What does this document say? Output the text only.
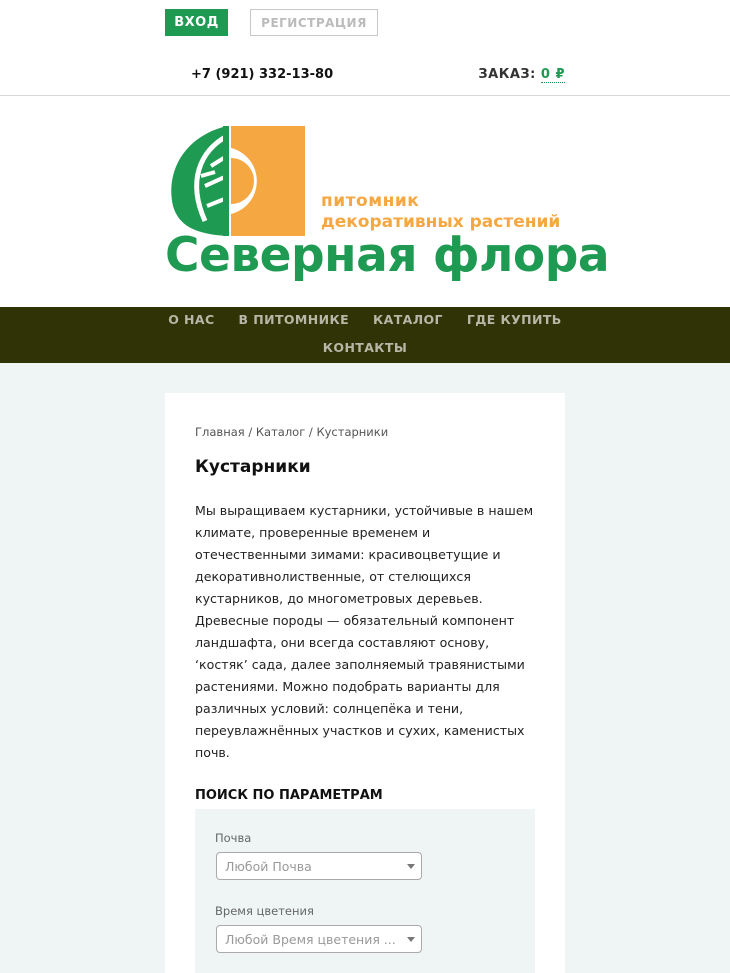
ВХОД	РЕГИСТРАЦИЯ
+7 (921) 332-13-80	ЗАКАЗ: 0 ₽
питомник
декоративных растений
Северная флора
О НАС В ПИТОМНИКЕ КАТАЛОГ ГДЕ КУПИТЬ
КОНТАКТЫ
Главная / Каталог / Кустарники
Кустарники

Мы выращиваем кустарники, устойчивые в нашем климате, проверенные временем и отечественными зимами: красивоцветущие и декоративнолиственные, от стелющихся кустарников, до многометровых деревьев. Древесные породы — обязательный компонент ландшафта, они всегда составляют основу, ‘костяк’ сада, далее заполняемый травянистыми растениями. Можно подобрать варианты для различных условий: солнцепёка и тени, переувлажнённых участков и сухих, каменистых почв.

ПОИСК ПО ПАРАМЕТРАМ
Почва
Любой Почва
Время цветения
Любой Время цветения ...
